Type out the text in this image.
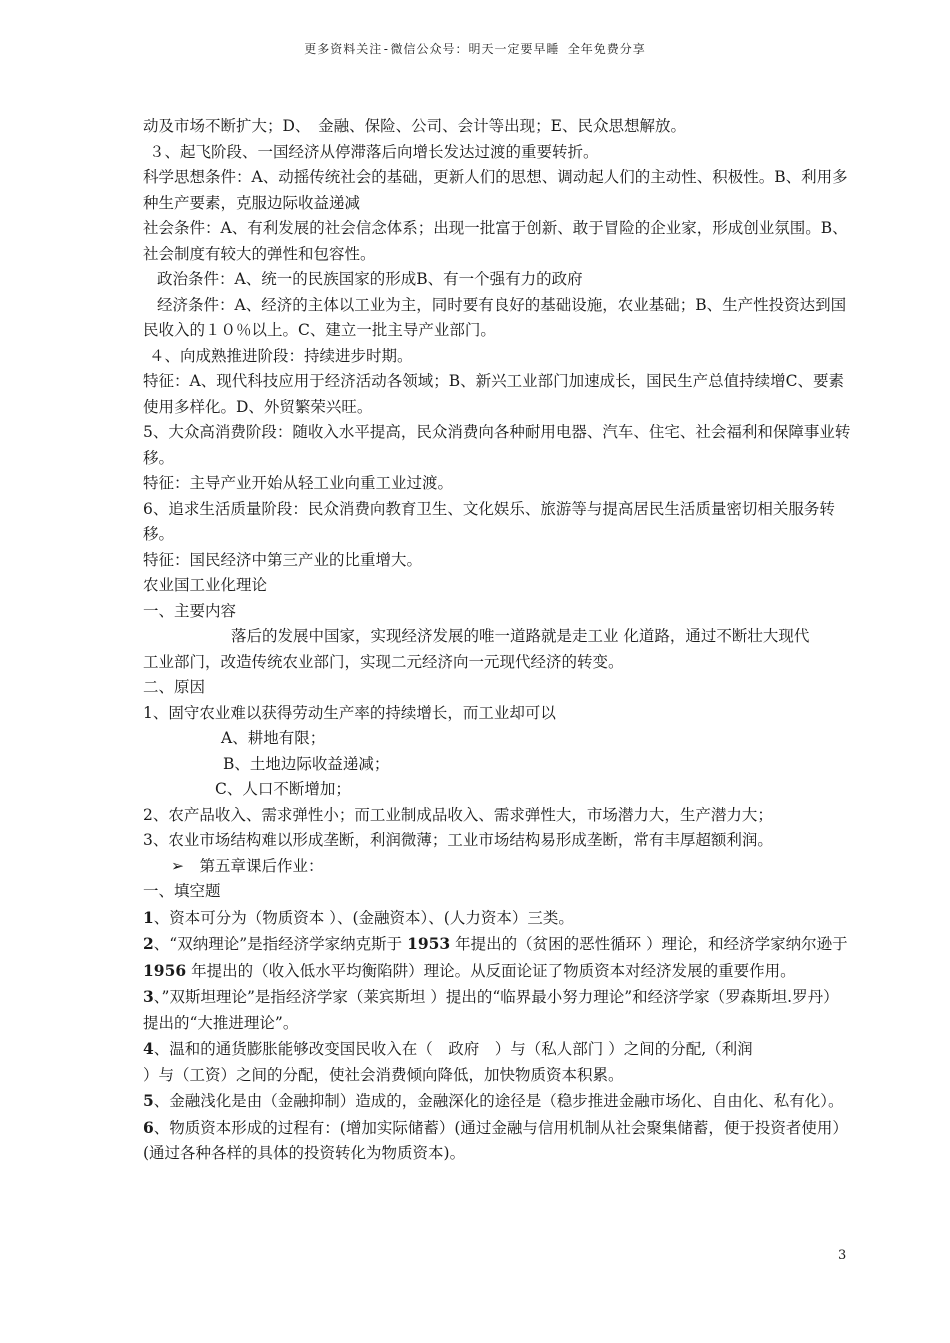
更多资料关注-微信公众号：明天一定要早睡 全年免费分享

动及市场不断扩大；D、　金融、保险、公司、会计等出现；E、民众思想解放。

３、起飞阶段、一国经济从停滞落后向增长发达过渡的重要转折。

科学思想条件：A、动摇传统社会的基础，更新人们的思想、调动起人们的主动性、积极性。B、利用多种生产要素，克服边际收益递减

社会条件：A、有利发展的社会信念体系；出现一批富于创新、敢于冒险的企业家，形成创业氛围。B、社会制度有较大的弹性和包容性。

政治条件：A、统一的民族国家的形成B、有一个强有力的政府

经济条件：A、经济的主体以工业为主，同时要有良好的基础设施，农业基础；B、生产性投资达到国民收入的１０％以上。C、建立一批主导产业部门。

４、向成熟推进阶段：持续进步时期。

特征：A、现代科技应用于经济活动各领域；B、新兴工业部门加速成长，国民生产总值持续增C、要素使用多样化。D、外贸繁荣兴旺。

5、大众高消费阶段：随收入水平提高，民众消费向各种耐用电器、汽车、住宅、社会福利和保障事业转移。

特征：主导产业开始从轻工业向重工业过渡。

6、追求生活质量阶段：民众消费向教育卫生、文化娱乐、旅游等与提高居民生活质量密切相关服务转移。

特征：国民经济中第三产业的比重增大。

农业国工业化理论

一、主要内容

落后的发展中国家，实现经济发展的唯一道路就是走工业 化道路，通过不断壮大现代

工业部门，改造传统农业部门，实现二元经济向一元现代经济的转变。

二、原因

1、固守农业难以获得劳动生产率的持续增长，而工业却可以

A、耕地有限；

B、土地边际收益递减；

C、人口不断增加；

2、农产品收入、需求弹性小；而工业制成品收入、需求弹性大，市场潜力大，生产潜力大；

3、农业市场结构难以形成垄断，利润微薄；工业市场结构易形成垄断，常有丰厚超额利润。

➢　第五章课后作业：

一、填空题

1、资本可分为（物质资本 ）、(金融资本）、(人力资本）三类。

2、“双纳理论”是指经济学家纳克斯于 1953 年提出的（贫困的恶性循环 ）理论，和经济学家纳尔逊于 1956 年提出的（收入低水平均衡陷阱）理论。从反面论证了物质资本对经济发展的重要作用。

3、”双斯坦理论”是指经济学家（莱宾斯坦 ）提出的“临界最小努力理论”和经济学家（罗森斯坦.罗丹）提出的“大推进理论”。

4、温和的通货膨胀能够改变国民收入在（　政府　）与（私人部门 ）之间的分配,（利润

）与（工资）之间的分配，使社会消费倾向降低，加快物质资本积累。

5、金融浅化是由（金融抑制）造成的，金融深化的途径是（稳步推进金融市场化、自由化、私有化）。

6、物质资本形成的过程有：(增加实际储蓄）(通过金融与信用机制从社会聚集储蓄，便于投资者使用）(通过各种各样的具体的投资转化为物质资本)。

3
